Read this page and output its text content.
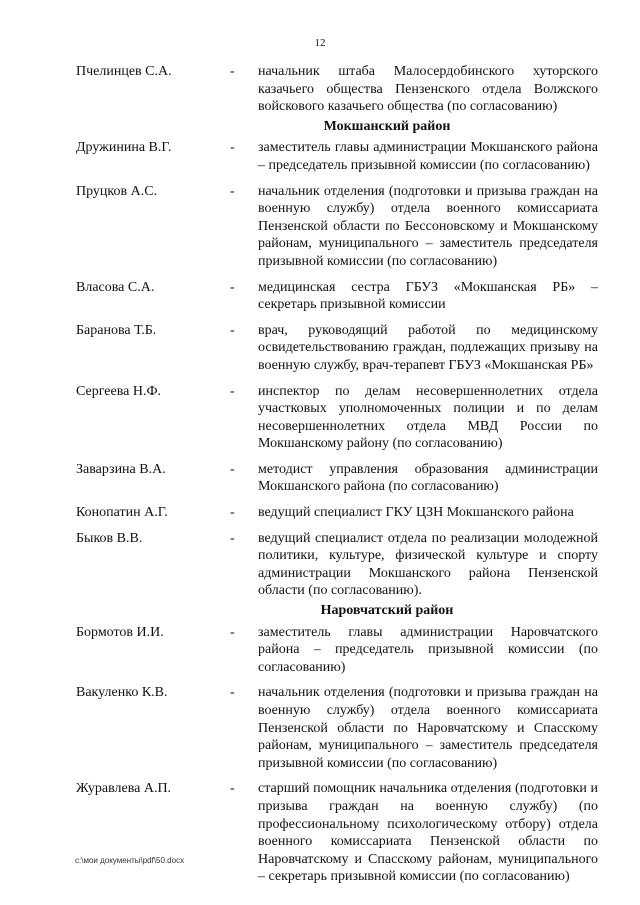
12
Пчелинцев С.А.	-	начальник штаба Малосердобинского хуторского казачьего общества Пензенского отдела Волжского войскового казачьего общества (по согласованию)
Мокшанский район
Дружинина В.Г.	-	заместитель главы администрации Мокшанского района – председатель призывной комиссии (по согласованию)
Пруцков А.С.	-	начальник отделения (подготовки и призыва граждан на военную службу) отдела военного комиссариата Пензенской области по Бессоновскому и Мокшанскому районам, муниципального – заместитель председателя призывной комиссии (по согласованию)
Власова С.А.	-	медицинская сестра ГБУЗ «Мокшанская РБ» – секретарь призывной комиссии
Баранова Т.Б.	-	врач, руководящий работой по медицинскому освидетельствованию граждан, подлежащих призыву на военную службу, врач-терапевт ГБУЗ «Мокшанская РБ»
Сергеева Н.Ф.	-	инспектор по делам несовершеннолетних отдела участковых уполномоченных полиции и по делам несовершеннолетних отдела МВД России по Мокшанскому району (по согласованию)
Заварзина В.А.	-	методист управления образования администрации Мокшанского района (по согласованию)
Конопатин А.Г.	-	ведущий специалист ГКУ ЦЗН Мокшанского района
Быков В.В.	-	ведущий специалист отдела по реализации молодежной политики, культуре, физической культуре и спорту администрации Мокшанского района Пензенской области (по согласованию).
Наровчатский район
Бормотов И.И.	-	заместитель главы администрации Наровчатского района – председатель призывной комиссии (по согласованию)
Вакуленко К.В.	-	начальник отделения (подготовки и призыва граждан на военную службу) отдела военного комиссариата Пензенской области по Наровчатскому и Спасскому районам, муниципального – заместитель председателя призывной комиссии (по согласованию)
Журавлева А.П.	-	старший помощник начальника отделения (подготовки и призыва граждан на военную службу) (по профессиональному психологическому отбору) отдела военного комиссариата Пензенской области по Наровчатскому и Спасскому районам, муниципального – секретарь призывной комиссии (по согласованию)
c:\мои документы\pdf\50.docx
